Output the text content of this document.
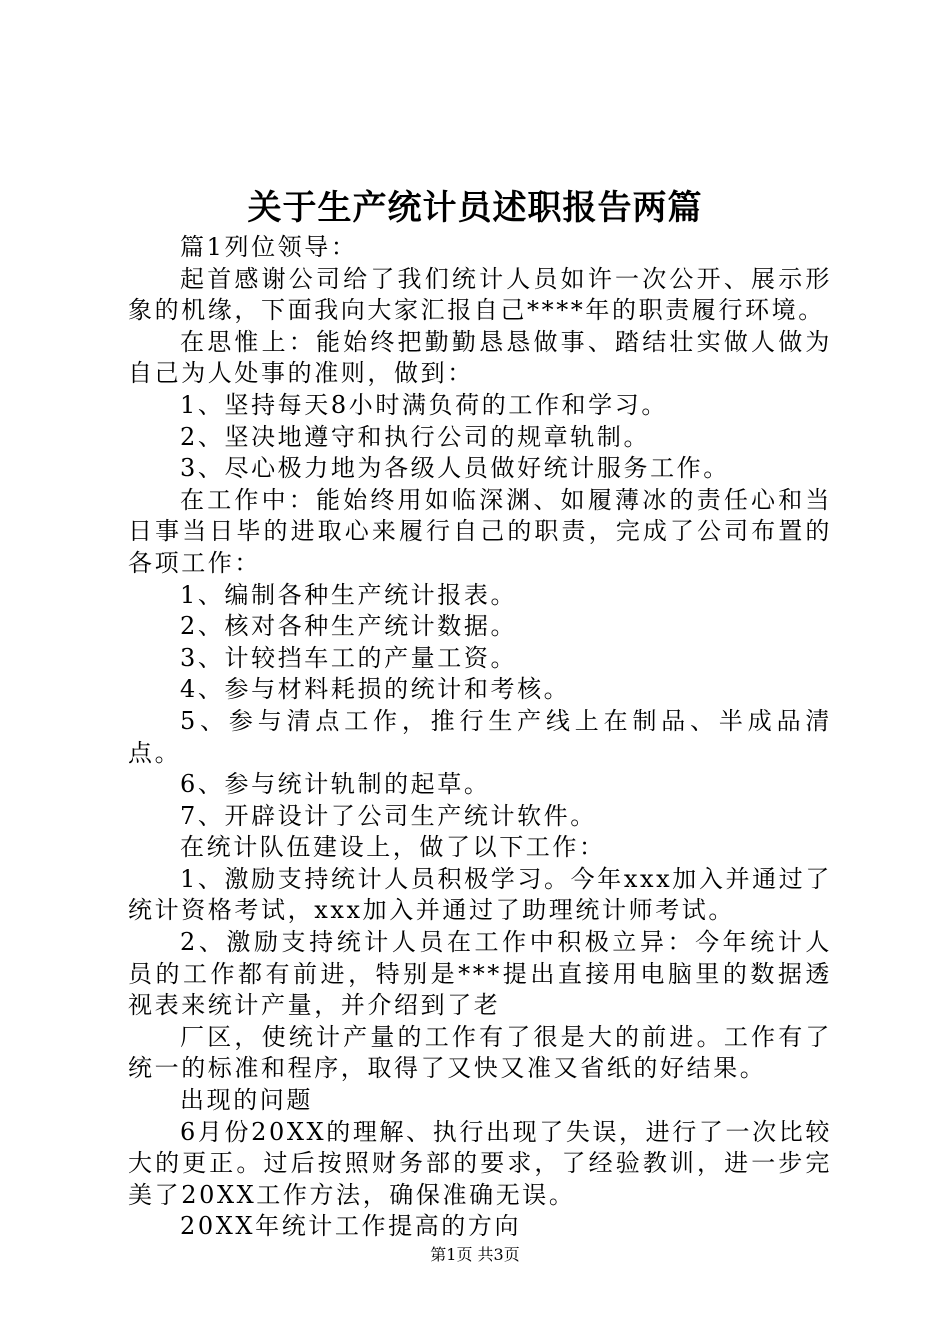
关于生产统计员述职报告两篇

篇1列位领导：

起首感谢公司给了我们统计人员如许一次公开、展示形象的机缘，下面我向大家汇报自己****年的职责履行环境。

在思惟上：能始终把勤勤恳恳做事、踏结壮实做人做为自己为人处事的准则，做到：

1、坚持每天8小时满负荷的工作和学习。

2、坚决地遵守和执行公司的规章轨制。

3、尽心极力地为各级人员做好统计服务工作。

在工作中：能始终用如临深渊、如履薄冰的责任心和当日事当日毕的进取心来履行自己的职责，完成了公司布置的各项工作：

1、编制各种生产统计报表。

2、核对各种生产统计数据。

3、计较挡车工的产量工资。

4、参与材料耗损的统计和考核。

5、参与清点工作，推行生产线上在制品、半成品清点。

6、参与统计轨制的起草。

7、开辟设计了公司生产统计软件。

在统计队伍建设上，做了以下工作：

1、激励支持统计人员积极学习。今年xxx加入并通过了统计资格考试，xxx加入并通过了助理统计师考试。

2、激励支持统计人员在工作中积极立异：今年统计人员的工作都有前进，特别是***提出直接用电脑里的数据透视表来统计产量，并介绍到了老

厂区，使统计产量的工作有了很是大的前进。工作有了统一的标准和程序，取得了又快又准又省纸的好结果。

出现的问题

6月份20XX的理解、执行出现了失误，进行了一次比较大的更正。过后按照财务部的要求，了经验教训，进一步完美了20XX工作方法，确保准确无误。

20XX年统计工作提高的方向

第1页 共3页
